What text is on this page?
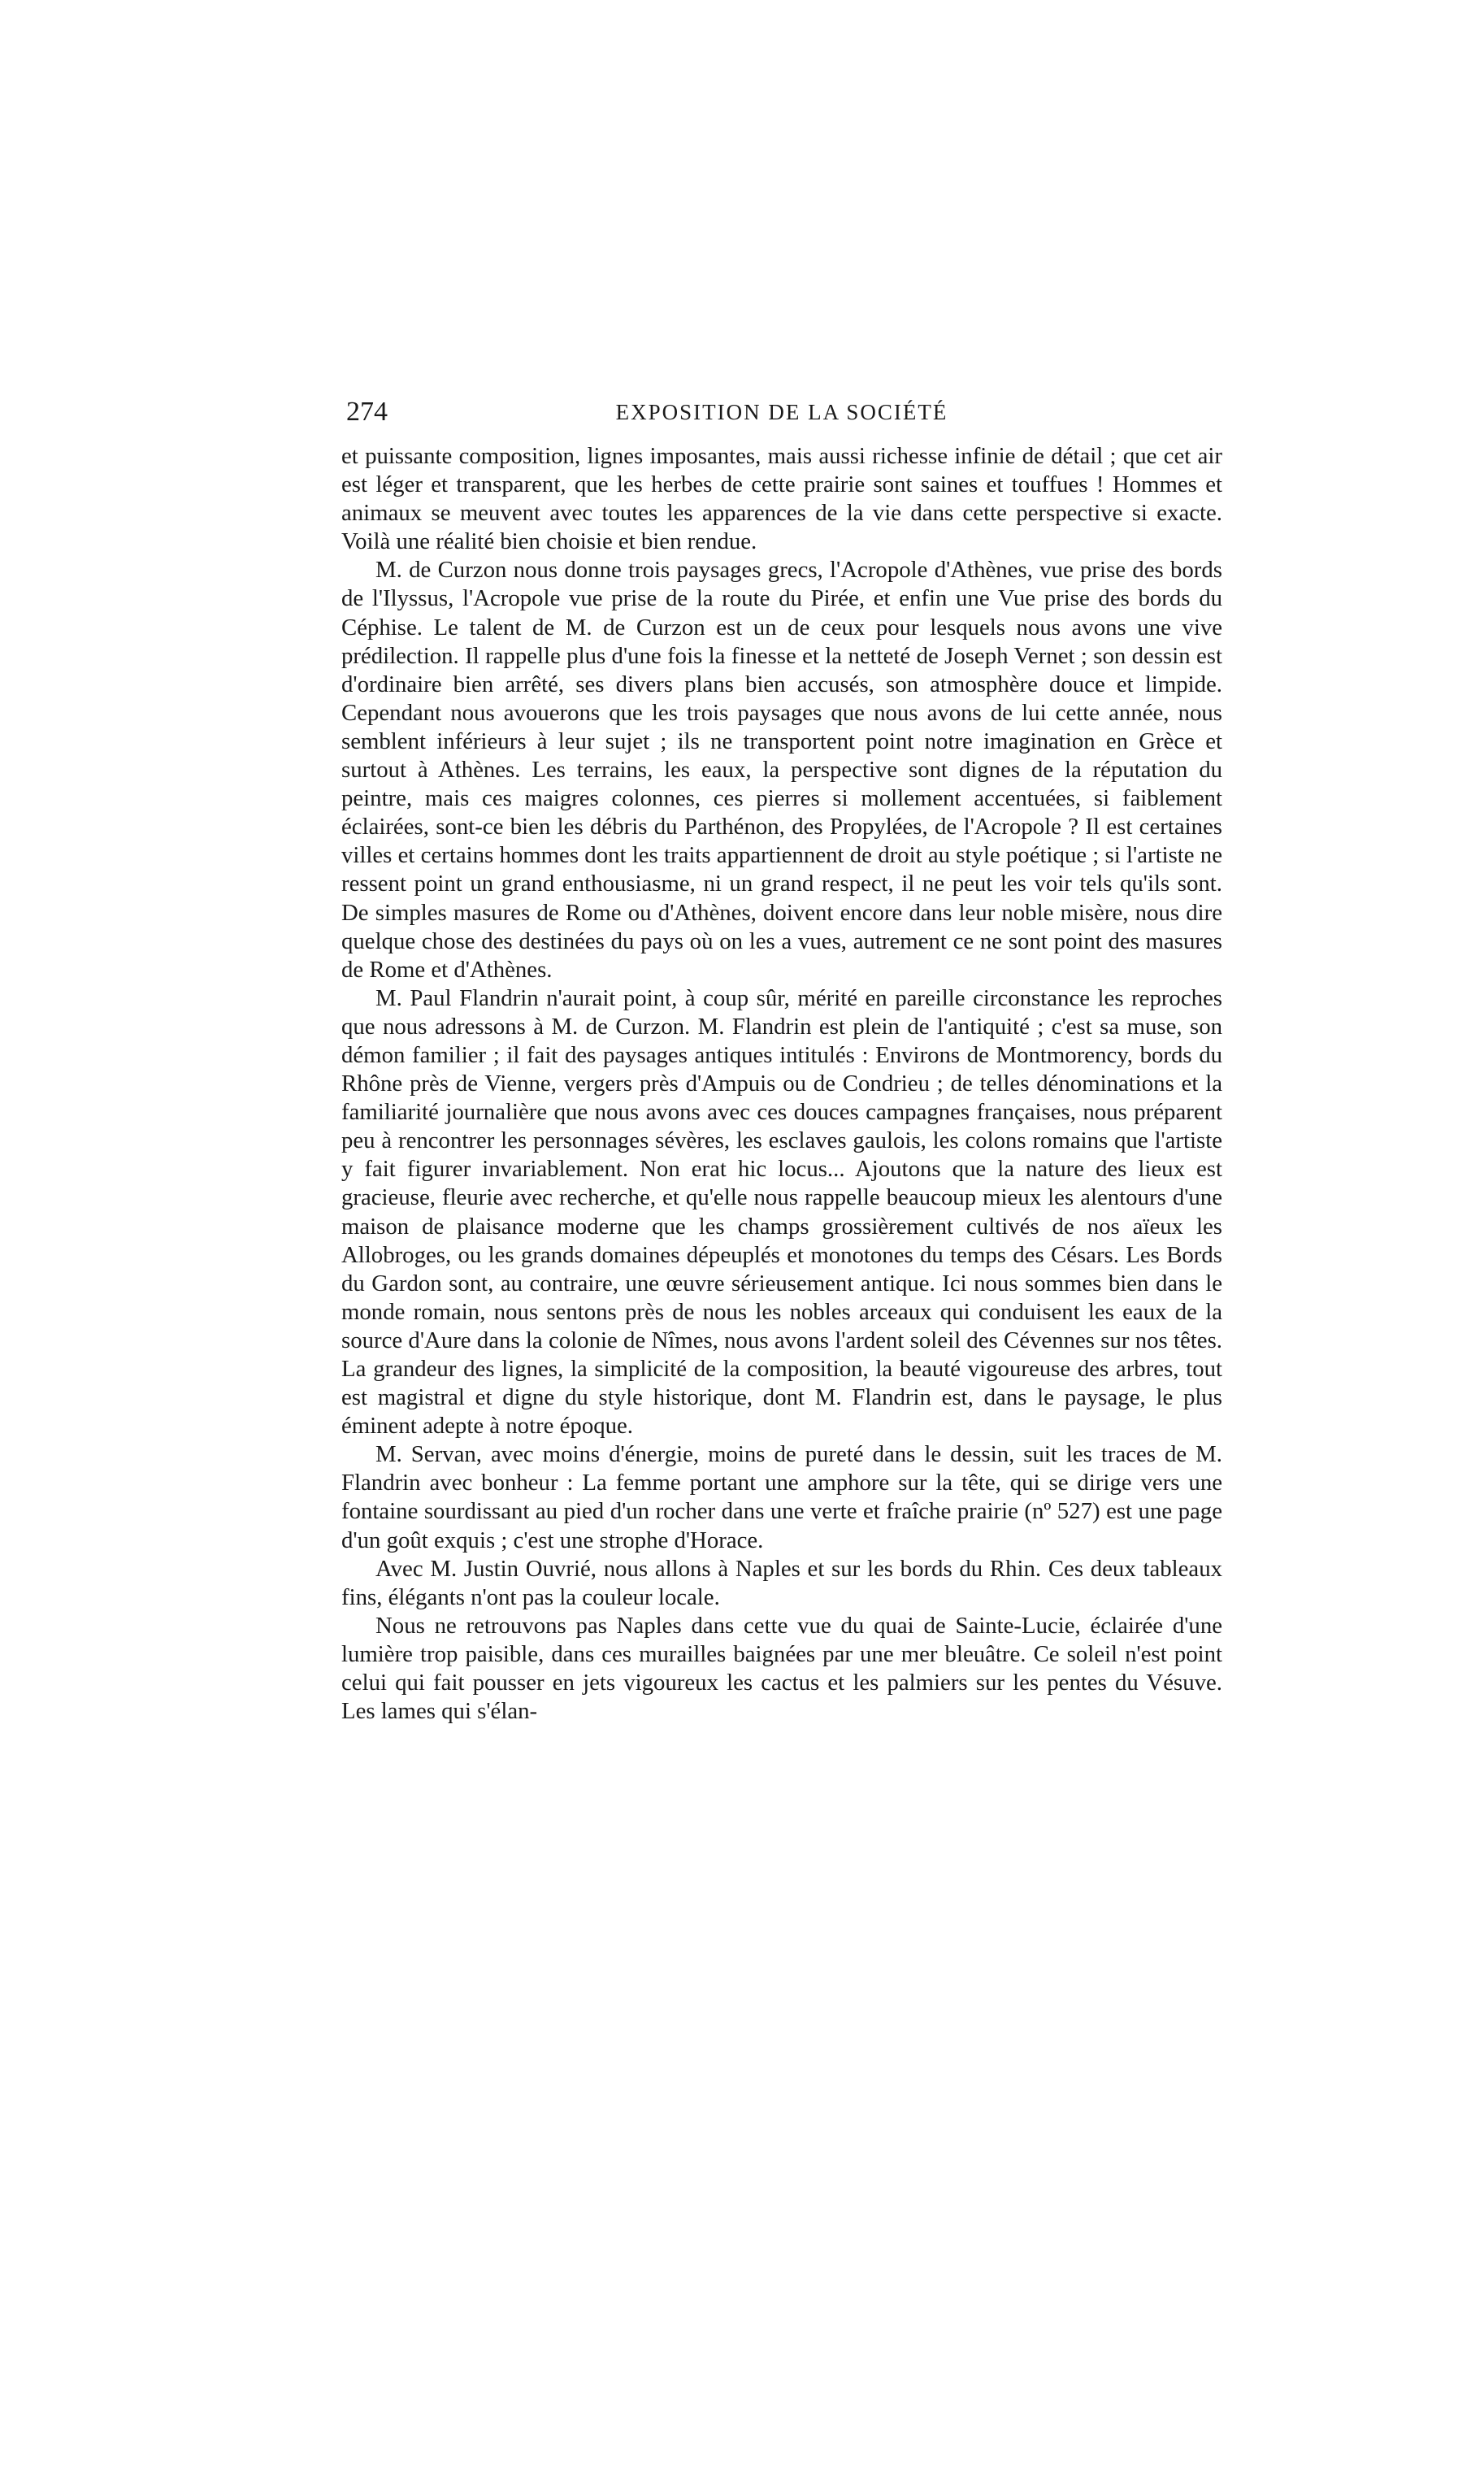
274	EXPOSITION DE LA SOCIÉTÉ

et puissante composition, lignes imposantes, mais aussi richesse infinie de détail ; que cet air est léger et transparent, que les herbes de cette prairie sont saines et touffues ! Hommes et animaux se meuvent avec toutes les apparences de la vie dans cette perspective si exacte. Voilà une réalité bien choisie et bien rendue.

M. de Curzon nous donne trois paysages grecs, l'Acropole d'Athènes, vue prise des bords de l'Ilyssus, l'Acropole vue prise de la route du Pirée, et enfin une Vue prise des bords du Céphise. Le talent de M. de Curzon est un de ceux pour lesquels nous avons une vive prédilection. Il rappelle plus d'une fois la finesse et la netteté de Joseph Vernet ; son dessin est d'ordinaire bien arrêté, ses divers plans bien accusés, son atmosphère douce et limpide. Cependant nous avouerons que les trois paysages que nous avons de lui cette année, nous semblent inférieurs à leur sujet ; ils ne transportent point notre imagination en Grèce et surtout à Athènes. Les terrains, les eaux, la perspective sont dignes de la réputation du peintre, mais ces maigres colonnes, ces pierres si mollement accentuées, si faiblement éclairées, sont-ce bien les débris du Parthénon, des Propylées, de l'Acropole ? Il est certaines villes et certains hommes dont les traits appartiennent de droit au style poétique ; si l'artiste ne ressent point un grand enthousiasme, ni un grand respect, il ne peut les voir tels qu'ils sont. De simples masures de Rome ou d'Athènes, doivent encore dans leur noble misère, nous dire quelque chose des destinées du pays où on les a vues, autrement ce ne sont point des masures de Rome et d'Athènes.

M. Paul Flandrin n'aurait point, à coup sûr, mérité en pareille circonstance les reproches que nous adressons à M. de Curzon. M. Flandrin est plein de l'antiquité ; c'est sa muse, son démon familier ; il fait des paysages antiques intitulés : Environs de Montmorency, bords du Rhône près de Vienne, vergers près d'Ampuis ou de Condrieu ; de telles dénominations et la familiarité journalière que nous avons avec ces douces campagnes françaises, nous préparent peu à rencontrer les personnages sévères, les esclaves gaulois, les colons romains que l'artiste y fait figurer invariablement. Non erat hic locus... Ajoutons que la nature des lieux est gracieuse, fleurie avec recherche, et qu'elle nous rappelle beaucoup mieux les alentours d'une maison de plaisance moderne que les champs grossièrement cultivés de nos aïeux les Allobroges, ou les grands domaines dépeuplés et monotones du temps des Césars. Les Bords du Gardon sont, au contraire, une œuvre sérieusement antique. Ici nous sommes bien dans le monde romain, nous sentons près de nous les nobles arceaux qui conduisent les eaux de la source d'Aure dans la colonie de Nîmes, nous avons l'ardent soleil des Cévennes sur nos têtes. La grandeur des lignes, la simplicité de la composition, la beauté vigoureuse des arbres, tout est magistral et digne du style historique, dont M. Flandrin est, dans le paysage, le plus éminent adepte à notre époque.

M. Servan, avec moins d'énergie, moins de pureté dans le dessin, suit les traces de M. Flandrin avec bonheur : La femme portant une amphore sur la tête, qui se dirige vers une fontaine sourdissant au pied d'un rocher dans une verte et fraîche prairie (nº 527) est une page d'un goût exquis ; c'est une strophe d'Horace.

Avec M. Justin Ouvrié, nous allons à Naples et sur les bords du Rhin. Ces deux tableaux fins, élégants n'ont pas la couleur locale.

Nous ne retrouvons pas Naples dans cette vue du quai de Sainte-Lucie, éclairée d'une lumière trop paisible, dans ces murailles baignées par une mer bleuâtre. Ce soleil n'est point celui qui fait pousser en jets vigoureux les cactus et les palmiers sur les pentes du Vésuve. Les lames qui s'élan-
